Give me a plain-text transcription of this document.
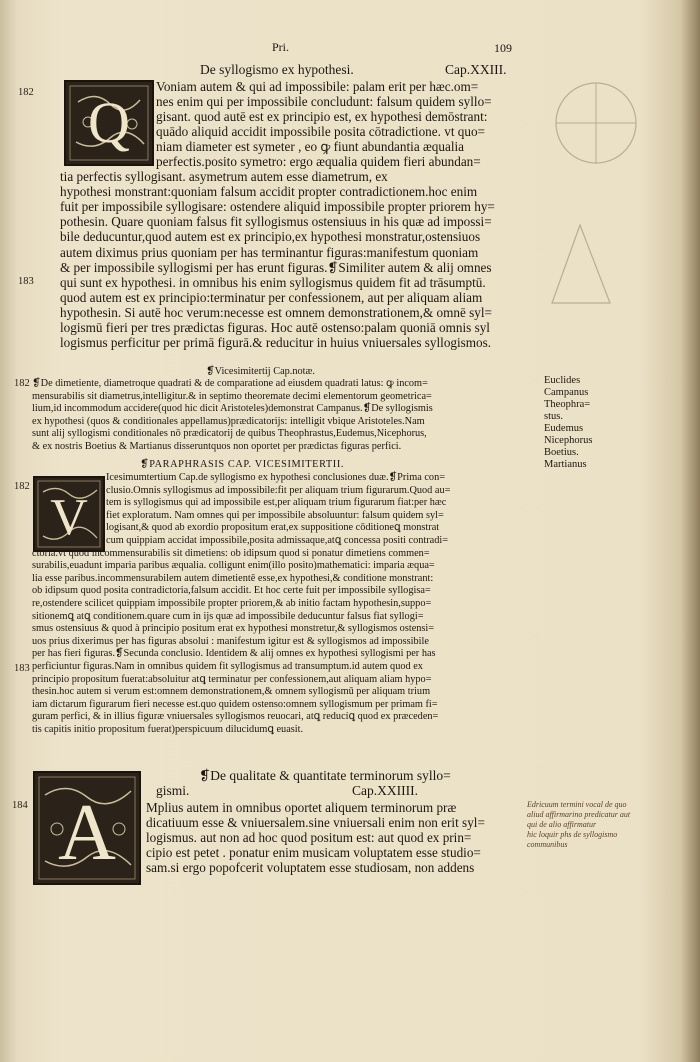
Pri.	109
De syllogismo ex hypothesi.	Cap.XXIII.
182
183
Q
Voniam autem & qui ad impossibile: palam erit per hæc.om=
nes enim qui per impossibile concludunt: falsum quidem syllo=
gisant. quod autē est ex principio est, ex hypothesi demōstrant:
quādo aliquid accidit impossibile posita cōtradictione. vt quo=
niam diameter est symeter , eo ꝙ fiunt abundantia æqualia
perfectis.posito symetro: ergo æqualia quidem fieri abundan=
tia perfectis syllogisant. asymetrum autem esse diametrum, ex
hypothesi monstrant:quoniam falsum accidit propter contradictionem.hoc enim
fuit per impossibile syllogisare: ostendere aliquid impossibile propter priorem hy=
pothesin. Quare quoniam falsus fit syllogismus ostensiuus in his quæ ad impossi=
bile deducuntur,quod autem est ex principio,ex hypothesi monstratur,ostensiuos
autem diximus prius quoniam per has terminantur figuras:manifestum quoniam
& per impossibile syllogismi per has erunt figuras.❡Similiter autem & alij omnes
qui sunt ex hypothesi. in omnibus his enim syllogismus quidem fit ad trāsumptū.
quod autem est ex principio:terminatur per confessionem, aut per aliquam aliam
hypothesin. Si autē hoc verum:necesse est omnem demonstrationem,& omnē syl=
logismū fieri per tres prædictas figuras. Hoc autē ostenso:palam quoniā omnis syl
logismus perficitur per primā figurā.& reducitur in huius vniuersales syllogismos.
❡Vicesimitertij Cap.notæ.
182 ❡De dimetiente, diametroque quadrati & de comparatione ad eiusdem quadrati latus: ꝙ incom=
mensurabilis sit diametrus,intelligitur.& in septimo theoremate decimi elementorum geometrica=
lium,id incommodum accidere(quod hic dicit Aristoteles)demonstrat Campanus.❡De syllogismis
ex hypothesi (quos & conditionales appellamus)prædicatorijs: intelligit vbique Aristoteles.Nam
sunt alij syllogismi conditionales nō prædicatorij de quibus Theophrastus,Eudemus,Nicephorus,
& ex nostris Boetius & Martianus disseruntquos non oportet per prædictas figuras perfici.
❡PARAPHRASIS CAP. VICESIMITERTII.
182
183
V
Icesimumtertium Cap.de syllogismo ex hypothesi conclusiones duæ.❡Prima con=
clusio.Omnis syllogismus ad impossibile:fit per aliquam trium figurarum.Quod au=
tem is syllogismus qui ad impossibile est,per aliquam trium figurarum fiat:per hæc
fiet exploratum. Nam omnes qui per impossibile absoluuntur: falsum quidem syl=
logisant,& quod ab exordio propositum erat,ex suppositione cōditioneꝗ monstrat
cum quippiam accidat impossibile,posita admissaque,atꝗ concessa positi contradi=
ctoria.vt quod incommensurabilis sit dimetiens: ob idipsum quod si ponatur dimetiens commen=
surabilis,euadunt imparia paribus æqualia. colligunt enim(illo posito)mathematici: imparia æqua=
lia esse paribus.incommensurabilem autem dimetientē esse,ex hypothesi,& conditione monstrant:
ob idipsum quod posita contradictoria,falsum accidit. Et hoc certe fuit per impossibile syllogisa=
re,ostendere scilicet quippiam impossibile propter priorem,& ab initio factam hypothesin,suppo=
sitionemꝗ atꝗ conditionem.quare cum in ijs quæ ad impossibile deducuntur falsus fiat syllogi=
smus ostensiuus & quod à principio positum erat ex hypothesi monstretur,& syllogismos ostensi=
uos prius dixerimus per has figuras absolui : manifestum igitur est & syllogismos ad impossibile
per has fieri figuras.❡Secunda conclusio. Identidem & alij omnes ex hypothesi syllogismi per has
perficiuntur figuras.Nam in omnibus quidem fit syllogismus ad transumptum.id autem quod ex
principio propositum fuerat:absoluitur atꝗ terminatur per confessionem,aut aliquam aliam hypo=
thesin.hoc autem si verum est:omnem demonstrationem,& omnem syllogismū per aliquam trium
iam dictarum figurarum fieri necesse est.quo quidem ostenso:omnem syllogismum per primam fi=
guram perfici, & in illius figuræ vniuersales syllogismos reuocari, atꝗ reducíꝗ quod ex præceden=
tis capitis initio propositum fuerat)perspicuum dilucidumꝗ euasit.
A
184
❡De qualitate & quantitate terminorum syllo=
gismi.	Cap.XXIIII.
Mplius autem in omnibus oportet aliquem terminorum præ
dicatiuum esse & vniuersalem.sine vniuersali enim non erit syl=
logismus. aut non ad hoc quod positum est: aut quod ex prin=
cipio est petet . ponatur enim musicam voluptatem esse studio=
sam.si ergo popofcerit voluptatem esse studiosam, non addens
Euclides
Campanus
Theophra=
stus.
Eudemus
Nicephorus
Boetius.
Martianus
Edricuum termini vocal de quo
aliud affirmarino predicatur aut
qui de alio affirmatur
hic loquir phs de syllogismo
communibus
